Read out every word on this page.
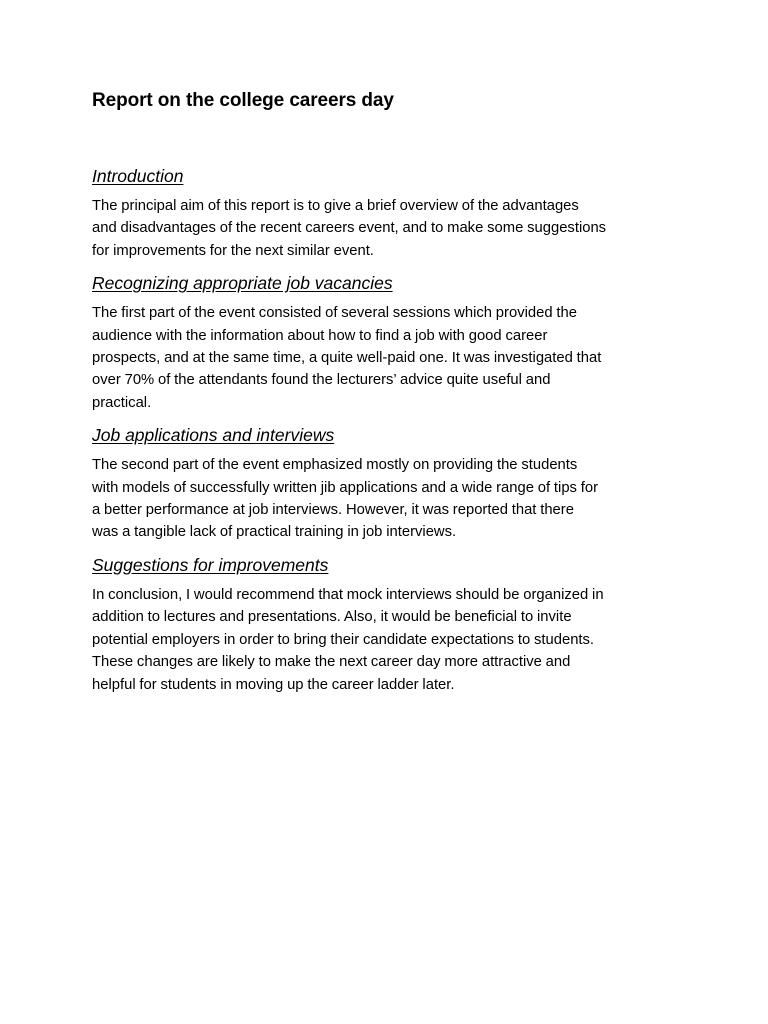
Report on the college careers day
Introduction

The principal aim of this report is to give a brief overview of the advantages
and disadvantages of the recent careers event, and to make some suggestions
for improvements for the next similar event.

Recognizing appropriate job vacancies

The first part of the event consisted of several sessions which provided the
audience with the information about how to find a job with good career
prospects, and at the same time, a quite well-paid one. It was investigated that
over 70% of the attendants found the lecturers’ advice quite useful and
practical.

Job applications and interviews

The second part of the event emphasized mostly on providing the students
with models of successfully written jib applications and a wide range of tips for
a better performance at job interviews. However, it was reported that there
was a tangible lack of practical training in job interviews.

Suggestions for improvements

In conclusion, I would recommend that mock interviews should be organized in
addition to lectures and presentations. Also, it would be beneficial to invite
potential employers in order to bring their candidate expectations to students.
These changes are likely to make the next career day more attractive and
helpful for students in moving up the career ladder later.
